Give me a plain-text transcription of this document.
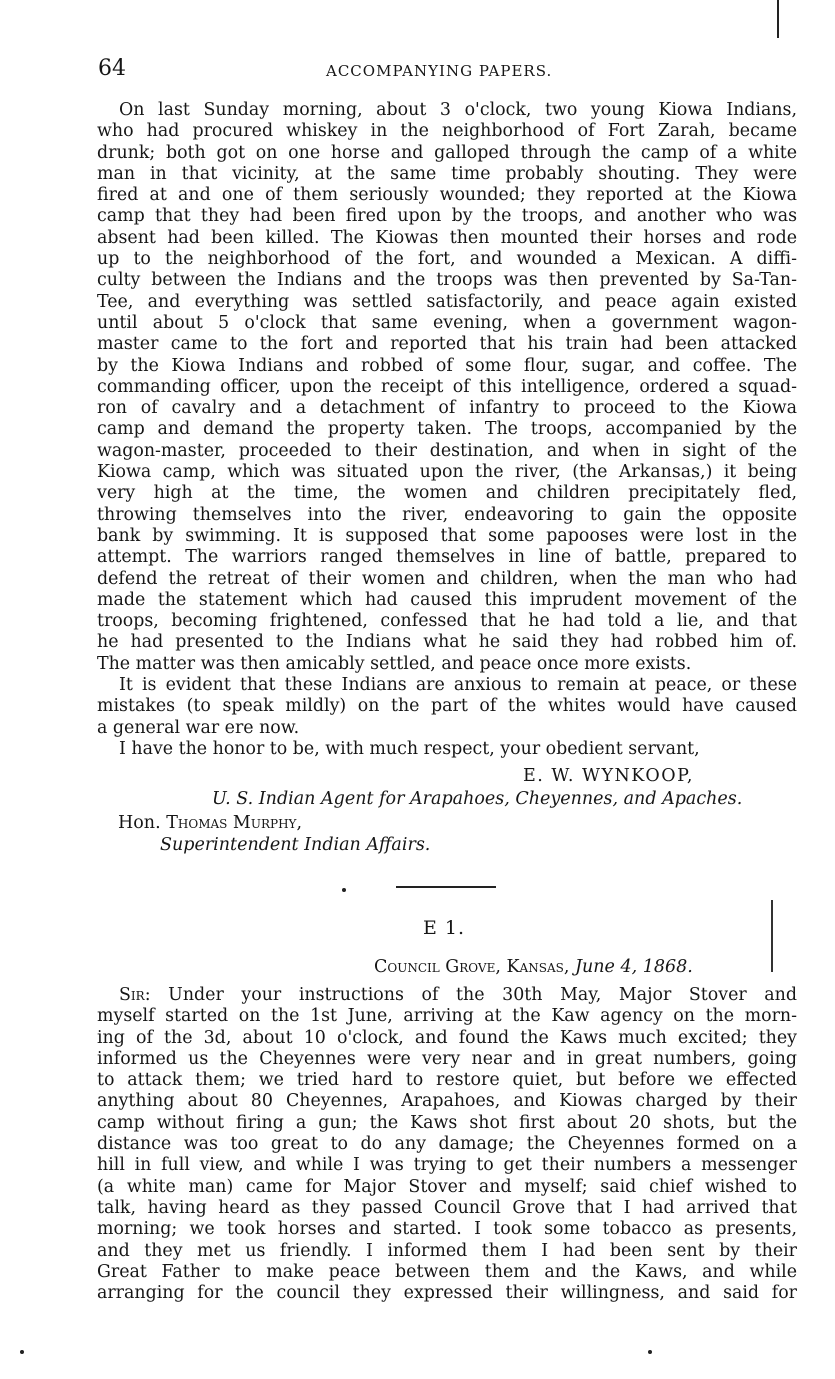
64	ACCOMPANYING PAPERS.
On last Sunday morning, about 3 o'clock, two young Kiowa Indians,
who had procured whiskey in the neighborhood of Fort Zarah, became
drunk; both got on one horse and galloped through the camp of a white
man in that vicinity, at the same time probably shouting. They were
fired at and one of them seriously wounded; they reported at the Kiowa
camp that they had been fired upon by the troops, and another who was
absent had been killed. The Kiowas then mounted their horses and rode
up to the neighborhood of the fort, and wounded a Mexican. A diffi-
culty between the Indians and the troops was then prevented by Sa-Tan-
Tee, and everything was settled satisfactorily, and peace again existed
until about 5 o'clock that same evening, when a government wagon-
master came to the fort and reported that his train had been attacked
by the Kiowa Indians and robbed of some flour, sugar, and coffee. The
commanding officer, upon the receipt of this intelligence, ordered a squad-
ron of cavalry and a detachment of infantry to proceed to the Kiowa
camp and demand the property taken. The troops, accompanied by the
wagon-master, proceeded to their destination, and when in sight of the
Kiowa camp, which was situated upon the river, (the Arkansas,) it being
very high at the time, the women and children precipitately fled,
throwing themselves into the river, endeavoring to gain the opposite
bank by swimming. It is supposed that some papooses were lost in the
attempt. The warriors ranged themselves in line of battle, prepared to
defend the retreat of their women and children, when the man who had
made the statement which had caused this imprudent movement of the
troops, becoming frightened, confessed that he had told a lie, and that
he had presented to the Indians what he said they had robbed him of.
The matter was then amicably settled, and peace once more exists.
It is evident that these Indians are anxious to remain at peace, or these
mistakes (to speak mildly) on the part of the whites would have caused
a general war ere now.
I have the honor to be, with much respect, your obedient servant,
E. W. WYNKOOP,
U. S. Indian Agent for Arapahoes, Cheyennes, and Apaches.
Hon. Thomas Murphy,
Superintendent Indian Affairs.
E 1.
Council Grove, Kansas, June 4, 1868.
Sir: Under your instructions of the 30th May, Major Stover and
myself started on the 1st June, arriving at the Kaw agency on the morn-
ing of the 3d, about 10 o'clock, and found the Kaws much excited; they
informed us the Cheyennes were very near and in great numbers, going
to attack them; we tried hard to restore quiet, but before we effected
anything about 80 Cheyennes, Arapahoes, and Kiowas charged by their
camp without firing a gun; the Kaws shot first about 20 shots, but the
distance was too great to do any damage; the Cheyennes formed on a
hill in full view, and while I was trying to get their numbers a messenger
(a white man) came for Major Stover and myself; said chief wished to
talk, having heard as they passed Council Grove that I had arrived that
morning; we took horses and started. I took some tobacco as presents,
and they met us friendly. I informed them I had been sent by their
Great Father to make peace between them and the Kaws, and while
arranging for the council they expressed their willingness, and said for
